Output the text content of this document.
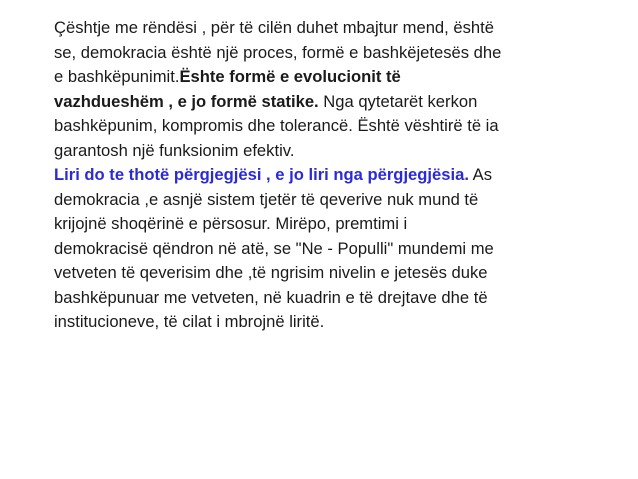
Çështje me rëndësi , për të cilën duhet mbajtur mend, është
se, demokracia është një proces, formë e bashkëjetesës dhe
e bashkëpunimit.Ështe formë e evolucionit të
vazhdueshëm , e jo formë statike. Nga qytetarët kerkon
bashkëpunim, kompromis dhe tolerancë. Është vështirë të ia
garantosh një funksionim efektiv.
Liri do te thotë përgjegjësi , e jo liri nga përgjegjësia. As
demokracia ,e asnjë sistem tjetër të qeverive nuk mund të
krijojnë shoqërinë e përsosur. Mirëpo, premtimi i
demokracisë qëndron në atë, se "Ne - Populli" mundemi me
vetveten të qeverisim dhe ,të ngrisim nivelin e jetesës duke
bashkëpunuar me vetveten, në kuadrin e të drejtave dhe të
institucioneve, të cilat i mbrojnë liritë.
